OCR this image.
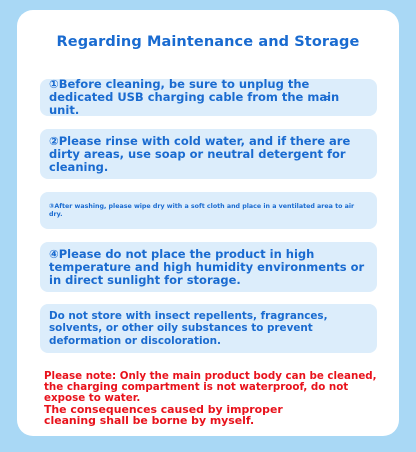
Regarding Maintenance and Storage
①Before cleaning, be sure to unplug the dedicated USB charging cable from the main unit.
②Please rinse with cold water, and if there are dirty areas, use soap or neutral detergent for cleaning.
③After washing, please wipe dry with a soft cloth and place in a ventilated area to air dry.
④Please do not place the product in high temperature and high humidity environments or in direct sunlight for storage.
Do not store with insect repellents, fragrances, solvents, or other oily substances to prevent deformation or discoloration.
Please note: Only the main product body can be cleaned, the charging compartment is not waterproof, do not expose to water.
The consequences caused by improper
cleaning shall be borne by myself.
